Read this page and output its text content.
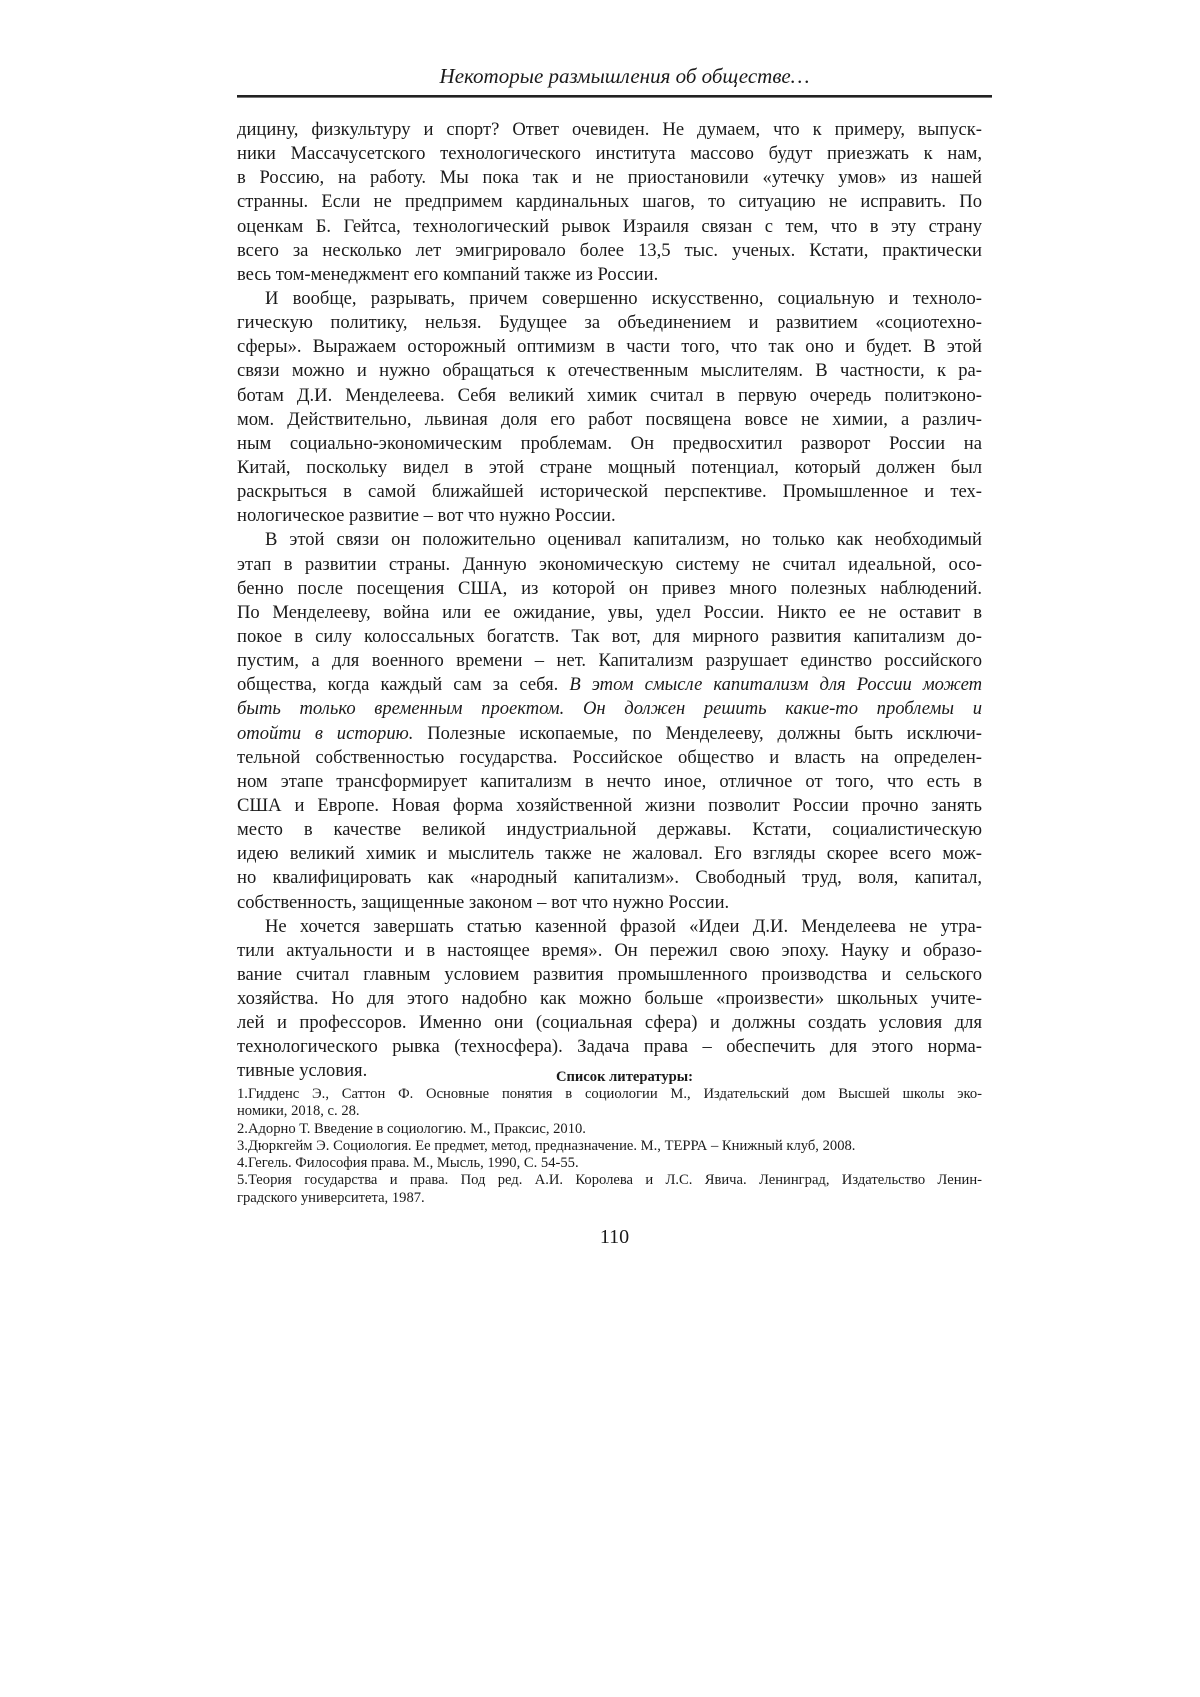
Некоторые размышления об обществе…
дицину, физкультуру и спорт? Ответ очевиден. Не думаем, что к примеру, выпуск-
ники Массачусетского технологического института массово будут приезжать к нам,
в Россию, на работу. Мы пока так и не приостановили «утечку умов» из нашей
странны. Если не предпримем кардинальных шагов, то ситуацию не исправить. По
оценкам Б. Гейтса, технологический рывок Израиля связан с тем, что в эту страну
всего за несколько лет эмигрировало более 13,5 тыс. ученых. Кстати, практически
весь том-менеджмент его компаний также из России.
И вообще, разрывать, причем совершенно искусственно, социальную и техноло-
гическую политику, нельзя. Будущее за объединением и развитием «социотехно-
сферы». Выражаем осторожный оптимизм в части того, что так оно и будет. В этой
связи можно и нужно обращаться к отечественным мыслителям. В частности, к ра-
ботам Д.И. Менделеева. Себя великий химик считал в первую очередь политэконо-
мом. Действительно, львиная доля его работ посвящена вовсе не химии, а различ-
ным социально-экономическим проблемам. Он предвосхитил разворот России на
Китай, поскольку видел в этой стране мощный потенциал, который должен был
раскрыться в самой ближайшей исторической перспективе. Промышленное и тех-
нологическое развитие – вот что нужно России.
В этой связи он положительно оценивал капитализм, но только как необходимый
этап в развитии страны. Данную экономическую систему не считал идеальной, осо-
бенно после посещения США, из которой он привез много полезных наблюдений.
По Менделееву, война или ее ожидание, увы, удел России. Никто ее не оставит в
покое в силу колоссальных богатств. Так вот, для мирного развития капитализм до-
пустим, а для военного времени – нет. Капитализм разрушает единство российского
общества, когда каждый сам за себя. В этом смысле капитализм для России может
быть только временным проектом. Он должен решить какие-то проблемы и
отойти в историю. Полезные ископаемые, по Менделееву, должны быть исключи-
тельной собственностью государства. Российское общество и власть на определен-
ном этапе трансформирует капитализм в нечто иное, отличное от того, что есть в
США и Европе. Новая форма хозяйственной жизни позволит России прочно занять
место в качестве великой индустриальной державы. Кстати, социалистическую
идею великий химик и мыслитель также не жаловал. Его взгляды скорее всего мож-
но квалифицировать как «народный капитализм». Свободный труд, воля, капитал,
собственность, защищенные законом – вот что нужно России.
Не хочется завершать статью казенной фразой «Идеи Д.И. Менделеева не утра-
тили актуальности и в настоящее время». Он пережил свою эпоху. Науку и образо-
вание считал главным условием развития промышленного производства и сельского
хозяйства. Но для этого надобно как можно больше «произвести» школьных учите-
лей и профессоров. Именно они (социальная сфера) и должны создать условия для
технологического рывка (техносфера). Задача права – обеспечить для этого норма-
тивные условия.	Список литературы:
1.Гидденс Э., Саттон Ф. Основные понятия в социологии М., Издательский дом Высшей школы эко-
номики, 2018, с. 28.
2.Адорно Т. Введение в социологию. М., Праксис, 2010.
3.Дюркгейм Э. Социология. Ее предмет, метод, предназначение. М., ТЕРРА – Книжный клуб, 2008.
4.Гегель. Философия права. М., Мысль, 1990, С. 54-55.
5.Теория государства и права. Под ред. А.И. Королева и Л.С. Явича. Ленинград, Издательство Ленин-
градского университета, 1987.
110
